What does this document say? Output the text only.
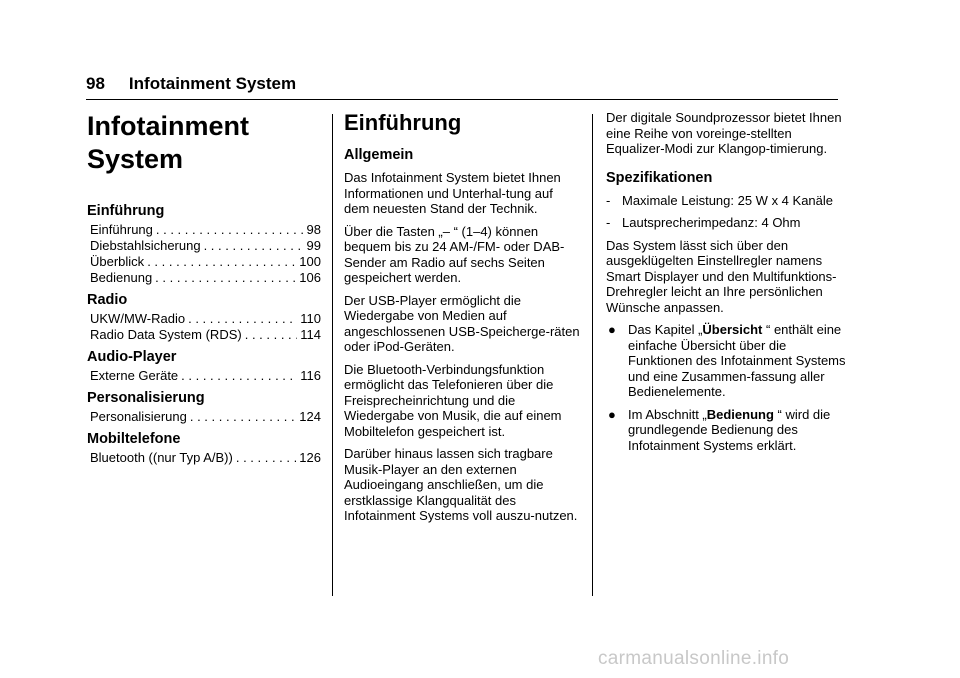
98 Infotainment System
Infotainment
System
Einführung
Einführung . . .	98
Diebstahlsicherung . . .	99
Überblick . . .	100
Bedienung . . .	106
Radio
UKW/MW-Radio . . .	110
Radio Data System (RDS) . . .	114
Audio-Player
Externe Geräte . . .	116
Personalisierung
Personalisierung . . .	124
Mobiltelefone
Bluetooth ((nur Typ A/B)) . . .	126
Einführung
Allgemein

Das Infotainment System bietet Ihnen Informationen und Unterhal-tung auf dem neuesten Stand der Technik.

Über die Tasten „– “ (1–4) können bequem bis zu 24 AM-/FM- oder DAB-Sender am Radio auf sechs Seiten gespeichert werden.

Der USB-Player ermöglicht die Wiedergabe von Medien auf angeschlossenen USB-Speicherge-räten oder iPod-Geräten.

Die Bluetooth-Verbindungsfunktion ermöglicht das Telefonieren über die Freisprecheinrichtung und die Wiedergabe von Musik, die auf einem Mobiltelefon gespeichert ist.

Darüber hinaus lassen sich tragbare Musik-Player an den externen Audioeingang anschließen, um die erstklassige Klangqualität des Infotainment Systems voll auszu-nutzen.

Der digitale Soundprozessor bietet Ihnen eine Reihe von voreinge-stellten Equalizer-Modi zur Klangop-timierung.

Spezifikationen
- Maximale Leistung: 25 W x 4 Kanäle
- Lautsprecherimpedanz: 4 Ohm

Das System lässt sich über den ausgeklügelten Einstellregler namens Smart Displayer und den Multifunktions-Drehregler leicht an Ihre persönlichen Wünsche anpassen.

● Das Kapitel „Übersicht “ enthält eine einfache Übersicht über die Funktionen des Infotainment Systems und eine Zusammen-fassung aller Bedienelemente.
● Im Abschnitt „Bedienung “ wird die grundlegende Bedienung des Infotainment Systems erklärt.
carmanualsonline.info
